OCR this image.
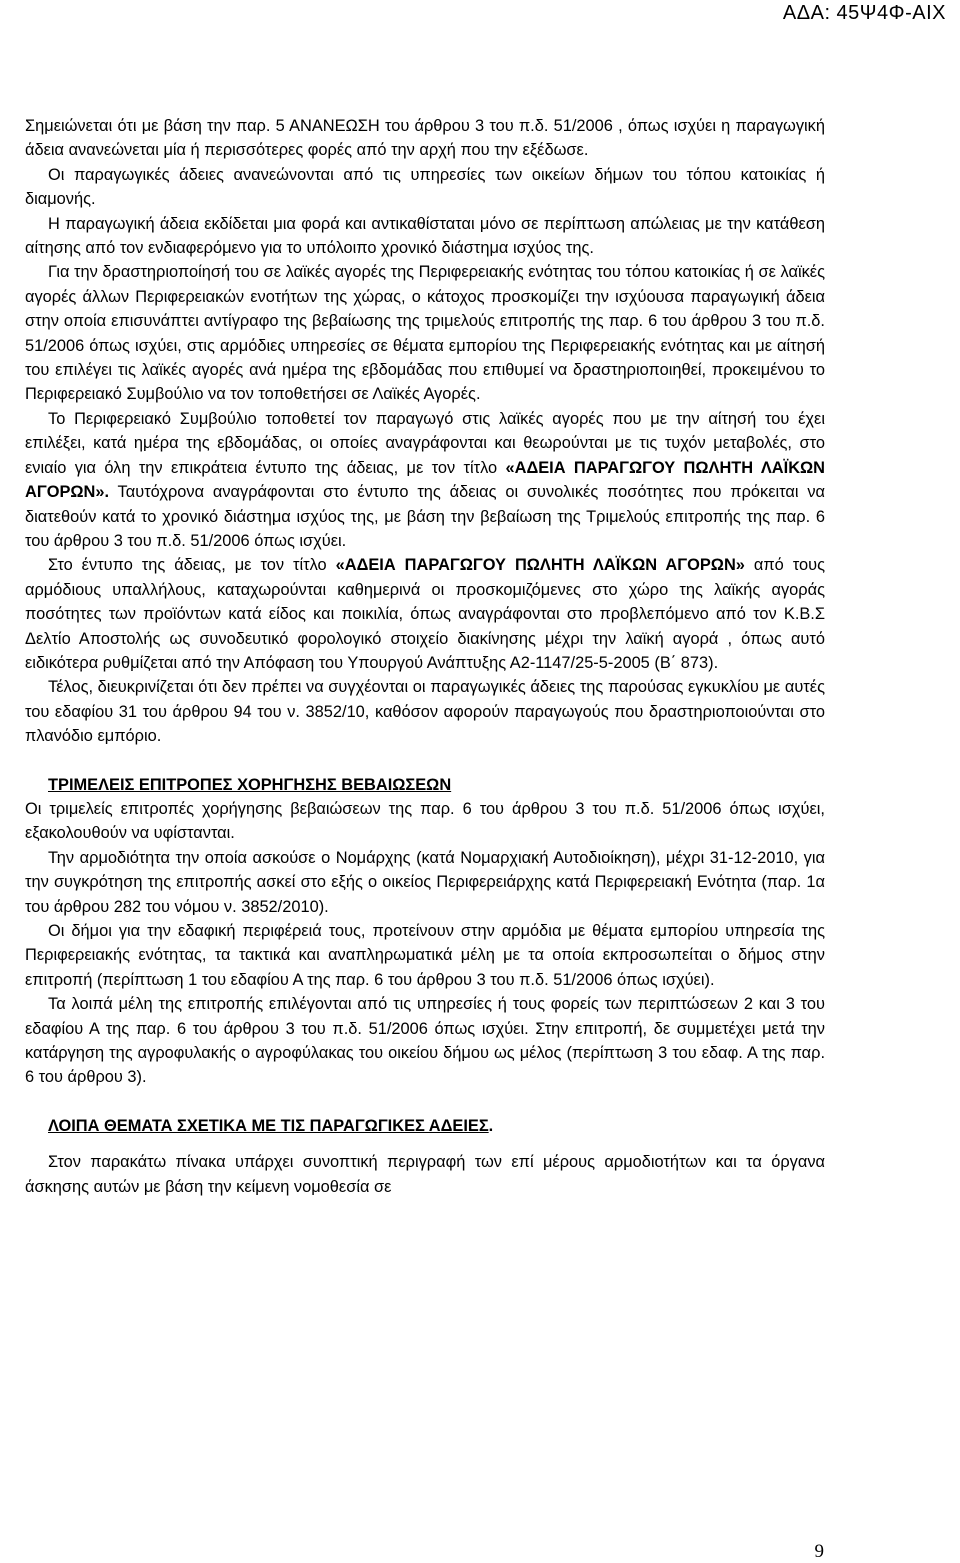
ΑΔΑ: 45Ψ4Φ-ΑΙΧ

Σημειώνεται ότι με βάση την παρ. 5 ΑΝΑΝΕΩΣΗ του άρθρου 3 του π.δ. 51/2006 , όπως ισχύει η παραγωγική άδεια ανανεώνεται μία ή περισσότερες φορές από την αρχή που την εξέδωσε.

Οι παραγωγικές άδειες ανανεώνονται από τις υπηρεσίες των οικείων δήμων του τόπου κατοικίας ή διαμονής.

Η παραγωγική άδεια εκδίδεται μια φορά και αντικαθίσταται μόνο σε περίπτωση απώλειας με την κατάθεση αίτησης από τον ενδιαφερόμενο για το υπόλοιπο χρονικό διάστημα ισχύος της.

Για την δραστηριοποίησή του σε λαϊκές αγορές της Περιφερειακής ενότητας του τόπου κατοικίας ή σε λαϊκές αγορές άλλων Περιφερειακών ενοτήτων της χώρας, ο κάτοχος προσκομίζει την ισχύουσα παραγωγική άδεια στην οποία επισυνάπτει αντίγραφο της βεβαίωσης της τριμελούς επιτροπής της παρ. 6 του άρθρου 3 του π.δ. 51/2006 όπως ισχύει, στις αρμόδιες υπηρεσίες σε θέματα εμπορίου της Περιφερειακής ενότητας και με αίτησή του επιλέγει τις λαϊκές αγορές ανά ημέρα της εβδομάδας που επιθυμεί να δραστηριοποιηθεί, προκειμένου το Περιφερειακό Συμβούλιο να τον τοποθετήσει σε Λαϊκές Αγορές.

Το Περιφερειακό Συμβούλιο τοποθετεί τον παραγωγό στις λαϊκές αγορές που με την αίτησή του έχει επιλέξει, κατά ημέρα της εβδομάδας, οι οποίες αναγράφονται και θεωρούνται με τις τυχόν μεταβολές, στο ενιαίο για όλη την επικράτεια έντυπο της άδειας, με τον τίτλο «ΑΔΕΙΑ ΠΑΡΑΓΩΓΟΥ ΠΩΛΗΤΗ ΛΑΪΚΩΝ ΑΓΟΡΩΝ». Ταυτόχρονα αναγράφονται στο έντυπο της άδειας οι συνολικές ποσότητες που πρόκειται να διατεθούν κατά το χρονικό διάστημα ισχύος της, με βάση την βεβαίωση της Τριμελούς επιτροπής της παρ. 6 του άρθρου 3 του π.δ. 51/2006 όπως ισχύει.

Στο έντυπο της άδειας, με τον τίτλο «ΑΔΕΙΑ ΠΑΡΑΓΩΓΟΥ ΠΩΛΗΤΗ ΛΑΪΚΩΝ ΑΓΟΡΩΝ» από τους αρμόδιους υπαλλήλους, καταχωρούνται καθημερινά οι προσκομιζόμενες στο χώρο της λαϊκής αγοράς ποσότητες των προϊόντων κατά είδος και ποικιλία, όπως αναγράφονται στο προβλεπόμενο από τον Κ.Β.Σ Δελτίο Αποστολής ως συνοδευτικό φορολογικό στοιχείο διακίνησης μέχρι την λαϊκή αγορά , όπως αυτό ειδικότερα ρυθμίζεται από την Απόφαση του Υπουργού Ανάπτυξης Α2-1147/25-5-2005 (Β΄ 873).

Τέλος, διευκρινίζεται ότι δεν πρέπει να συγχέονται οι παραγωγικές άδειες της παρούσας εγκυκλίου με αυτές του εδαφίου 31 του άρθρου 94 του ν. 3852/10, καθόσον αφορούν παραγωγούς που δραστηριοποιούνται στο πλανόδιο εμπόριο.

ΤΡΙΜΕΛΕΙΣ ΕΠΙΤΡΟΠΕΣ ΧΟΡΗΓΗΣΗΣ ΒΕΒΑΙΩΣΕΩΝ

Οι τριμελείς επιτροπές χορήγησης βεβαιώσεων της παρ. 6 του άρθρου 3 του π.δ. 51/2006 όπως ισχύει, εξακολουθούν να υφίστανται.

Την αρμοδιότητα την οποία ασκούσε ο Νομάρχης (κατά Νομαρχιακή Αυτοδιοίκηση), μέχρι 31-12-2010, για την συγκρότηση της επιτροπής ασκεί στο εξής ο οικείος Περιφερειάρχης κατά Περιφερειακή Ενότητα (παρ. 1α του άρθρου 282 του νόμου ν. 3852/2010).

Οι δήμοι για την εδαφική περιφέρειά τους, προτείνουν στην αρμόδια με θέματα εμπορίου υπηρεσία της Περιφερειακής ενότητας, τα τακτικά και αναπληρωματικά μέλη με τα οποία εκπροσωπείται ο δήμος στην επιτροπή (περίπτωση 1 του εδαφίου Α της παρ. 6 του άρθρου 3 του π.δ. 51/2006 όπως ισχύει).

Τα λοιπά μέλη της επιτροπής επιλέγονται από τις υπηρεσίες ή τους φορείς των περιπτώσεων 2 και 3 του εδαφίου Α της παρ. 6 του άρθρου 3 του π.δ. 51/2006 όπως ισχύει. Στην επιτροπή, δε συμμετέχει μετά την κατάργηση της αγροφυλακής ο αγροφύλακας του οικείου δήμου ως μέλος (περίπτωση 3 του εδαφ. Α της παρ. 6 του άρθρου 3).

ΛΟΙΠΑ ΘΕΜΑΤΑ ΣΧΕΤΙΚΑ ΜΕ ΤΙΣ ΠΑΡΑΓΩΓΙΚΕΣ ΑΔΕΙΕΣ.

Στον παρακάτω πίνακα υπάρχει συνοπτική περιγραφή των επί μέρους αρμοδιοτήτων και τα όργανα άσκησης αυτών με βάση την κείμενη νομοθεσία σε

9
